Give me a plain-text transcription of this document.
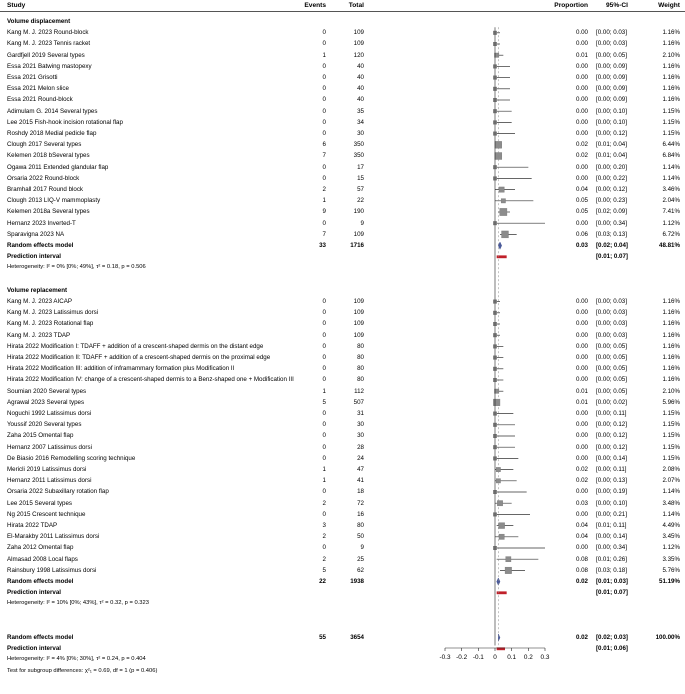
Study	Events	Total	Proportion	95%-CI	Weight
Volume displacement
Kang M. J. 2023 Round-block	0	109	0.00 [0.00; 0.03]	1.16%
Kang M. J. 2023 Tennis racket	0	109	0.00 [0.00; 0.03]	1.16%
Gardfjell 2019 Several types	1	120	0.01 [0.00; 0.05]	2.10%
Essa 2021 Batwing mastopexy	0	40	0.00 [0.00; 0.09]	1.16%
Essa 2021 Grisotti	0	40	0.00 [0.00; 0.09]	1.16%
Essa 2021 Melon slice	0	40	0.00 [0.00; 0.09]	1.16%
Essa 2021 Round-block	0	40	0.00 [0.00; 0.09]	1.16%
Adimulam G. 2014 Several types	0	35	0.00 [0.00; 0.10]	1.15%
Lee 2015 Fish-hook incision rotational flap	0	34	0.00 [0.00; 0.10]	1.15%
Roshdy 2018 Medial pedicle flap	0	30	0.00 [0.00; 0.12]	1.15%
Clough 2017 Several types	6	350	0.02 [0.01; 0.04]	6.44%
Kelemen 2018 bSeveral types	7	350	0.02 [0.01; 0.04]	6.84%
Ogawa 2011 Extended glandular flap	0	17	0.00 [0.00; 0.20]	1.14%
Orsaria 2022 Round-block	0	15	0.00 [0.00; 0.22]	1.14%
Bramhall 2017 Round block	2	57	0.04 [0.00; 0.12]	3.46%
Clough 2013 LIQ-V mammoplasty	1	22	0.05 [0.00; 0.23]	2.04%
Kelemen 2018a Several types	9	190	0.05 [0.02; 0.09]	7.41%
Hernanz 2023 Inverted-T	0	9	0.00 [0.00; 0.34]	1.12%
Sparavigna 2023 NA	7	109	0.06 [0.03; 0.13]	6.72%
Random effects model	33	1716	0.03 [0.02; 0.04]	48.81%
Prediction interval	[0.01; 0.07]
Heterogeneity: I² = 0% [0%; 49%], τ² = 0.18, p = 0.506
Volume replacement
Kang M. J. 2023 AICAP	0	109	0.00 [0.00; 0.03]	1.16%
Kang M. J. 2023 Latissimus dorsi	0	109	0.00 [0.00; 0.03]	1.16%
Kang M. J. 2023 Rotational flap	0	109	0.00 [0.00; 0.03]	1.16%
Kang M. J. 2023 TDAP	0	109	0.00 [0.00; 0.03]	1.16%
Hirata 2022 Modification I: TDAFF + addition of a crescent-shaped dermis on the distant edge	0	80	0.00 [0.00; 0.05]	1.16%
Hirata 2022 Modification II: TDAFF + addition of a crescent-shaped dermis on the proximal edge	0	80	0.00 [0.00; 0.05]	1.16%
Hirata 2022 Modification III: addition of inframammary formation plus Modification II	0	80	0.00 [0.00; 0.05]	1.16%
Hirata 2022 Modification IV: change of a crescent-shaped dermis to a Benz-shaped one + Modification III	0	80	0.00 [0.00; 0.05]	1.16%
Soumian 2020 Several types	1	112	0.01 [0.00; 0.05]	2.10%
Agrawal 2023 Several types	5	507	0.01 [0.00; 0.02]	5.96%
Noguchi 1992 Latissimus dorsi	0	31	0.00 [0.00; 0.11]	1.15%
Youssif 2020 Several types	0	30	0.00 [0.00; 0.12]	1.15%
Zaha 2015 Omental flap	0	30	0.00 [0.00; 0.12]	1.15%
Hernanz 2007 Latissimus dorsi	0	28	0.00 [0.00; 0.12]	1.15%
De Biasio 2016 Remodelling scoring technique	0	24	0.00 [0.00; 0.14]	1.15%
Mericli 2019 Latissimus dorsi	1	47	0.02 [0.00; 0.11]	2.08%
Hernanz 2011 Latissimus dorsi	1	41	0.02 [0.00; 0.13]	2.07%
Orsaria 2022 Subaxillary rotation flap	0	18	0.00 [0.00; 0.19]	1.14%
Lee 2015 Several types	2	72	0.03 [0.00; 0.10]	3.48%
Ng 2015 Crescent technique	0	16	0.00 [0.00; 0.21]	1.14%
Hirata 2022 TDAP	3	80	0.04 [0.01; 0.11]	4.49%
El-Marakby 2011 Latissimus dorsi	2	50	0.04 [0.00; 0.14]	3.45%
Zaha 2012 Omental flap	0	9	0.00 [0.00; 0.34]	1.12%
Almasad 2008 Local flaps	2	25	0.08 [0.01; 0.26]	3.35%
Rainsbury 1998 Latissimus dorsi	5	62	0.08 [0.03; 0.18]	5.76%
Random effects model	22	1938	0.02 [0.01; 0.03]	51.19%
Prediction interval	[0.01; 0.07]
Heterogeneity: I² = 10% [0%; 43%], τ² = 0.32, p = 0.323
Random effects model	55	3654	0.02 [0.02; 0.03]	100.00%
Prediction interval	[0.01; 0.06]
Heterogeneity: I² = 4% [0%; 30%], τ² = 0.24, p = 0.404
Test for subgroup differences: χ²₁ = 0.69, df = 1 (p = 0.406)
-0.3 -0.2 -0.1 0 0.1 0.2 0.3
